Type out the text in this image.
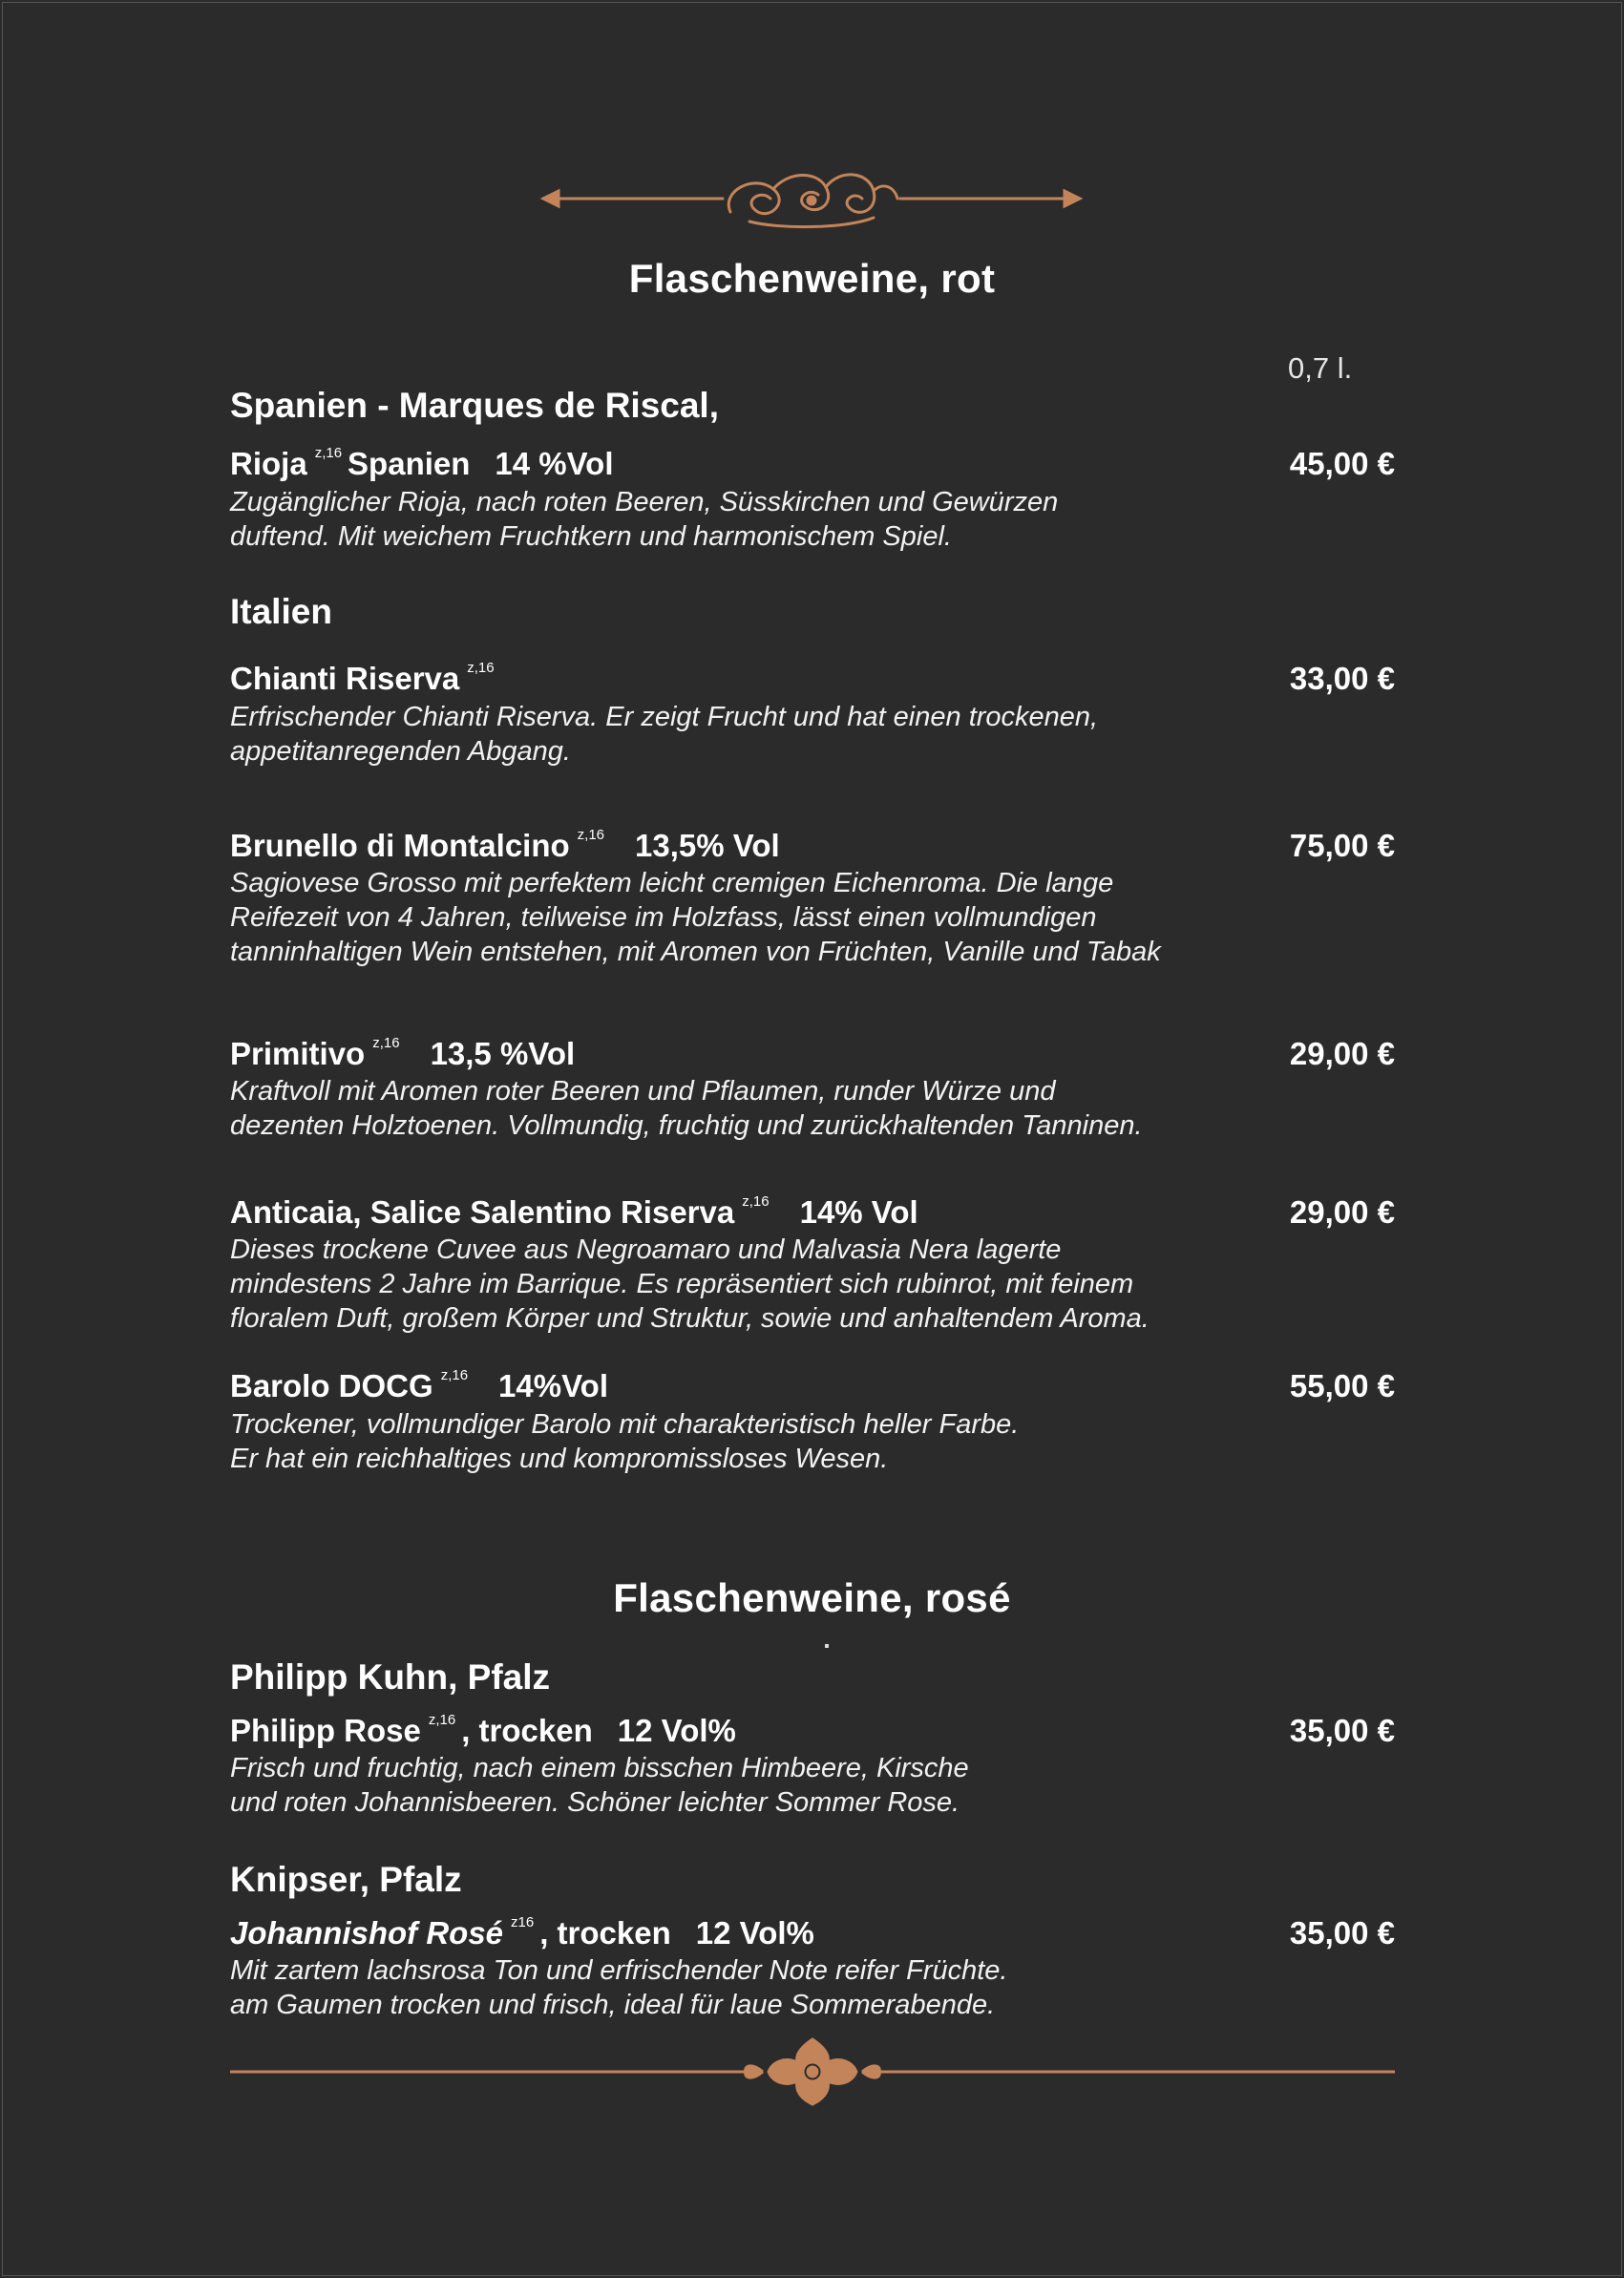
Flaschenweine, rot
0,7 l.
Spanien - Marques de Riscal,
Rioja $^{z,16}$ Spanien 14 %Vol	45,00 €
Zugänglicher Rioja, nach roten Beeren, Süsskirchen und Gewürzen
duftend. Mit weichem Fruchtkern und harmonischem Spiel.
Italien
Chianti Riserva $^{z,16}$	33,00 €
Erfrischender Chianti Riserva. Er zeigt Frucht und hat einen trockenen,
appetitanregenden Abgang.
Brunello di Montalcino $^{z,16}$ 13,5% Vol	75,00 €
Sagiovese Grosso mit perfektem leicht cremigen Eichenroma. Die lange
Reifezeit von 4 Jahren, teilweise im Holzfass, lässt einen vollmundigen
tanninhaltigen Wein entstehen, mit Aromen von Früchten, Vanille und Tabak
Primitivo $^{z,16}$ 13,5 %Vol	29,00 €
Kraftvoll mit Aromen roter Beeren und Pflaumen, runder Würze und
dezenten Holztoenen. Vollmundig, fruchtig und zurückhaltenden Tanninen.
Anticaia, Salice Salentino Riserva $^{z,16}$ 14% Vol	29,00 €
Dieses trockene Cuvee aus Negroamaro und Malvasia Nera lagerte
mindestens 2 Jahre im Barrique. Es repräsentiert sich rubinrot, mit feinem
floralem Duft, großem Körper und Struktur, sowie und anhaltendem Aroma.
Barolo DOCG $^{z,16}$ 14%Vol	55,00 €
Trockener, vollmundiger Barolo mit charakteristisch heller Farbe.
Er hat ein reichhaltiges und kompromissloses Wesen.
Flaschenweine, rosé
Philipp Kuhn, Pfalz
Philipp Rose $^{z,16}$ , trocken 12 Vol%	35,00 €
Frisch und fruchtig, nach einem bisschen Himbeere, Kirsche
und roten Johannisbeeren. Schöner leichter Sommer Rose.
Knipser, Pfalz
Johannishof Rosé $^{z16}$ , trocken 12 Vol%	35,00 €
Mit zartem lachsrosa Ton und erfrischender Note reifer Früchte.
am Gaumen trocken und frisch, ideal für laue Sommerabende.
